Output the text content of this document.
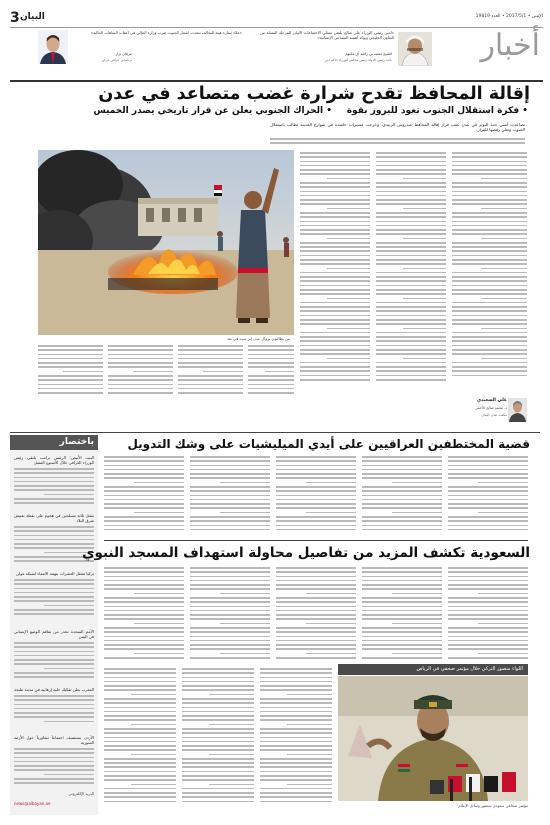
3 البيان	الإثنين • 2017/5/1 • العدد 19819
أخبار
«أمين رئيس الوزراء علي صالح يلتقي ممثلي الاجتماعات الأولى للمرحلة المقبلة من التعاون الخليجي ويؤكد أهمية المساعي الإنسانية»
الشيخ محمد بن راشد آل مكتوم
نائب رئيس الدولة رئيس مجلس الوزراء حاكم دبي
«علاء ستارة هيئة للتحالف تتحدث أشعار الجنوب ضرب وزارة الحالي في أعقاب المتاهات الحالية»
عرفان نزار
برنامجي حرافي عرض
إقالة المحافظ تقدح شرارة غضب متصاعد في عدن
• فكرة استقلال الجنوب تعود للبروز بقوة
• الحراك الجنوبي يعلن عن قرار تاريخي يصدر الخميس
تصاعدت أمس حدة التوتر في عدن عقب قرار إقالة المحافظ عيدروس الزبيدي، وخرجت مسيرات حاشدة في شوارع المدينة تطالب باستقلال الجنوب وتعلن رفضها للقرار.
من يطالبون بزوال عدن إثر عبث في بعد
علي السعيدي
د. محمد صالح الأحمر
مكتب عدن البيان
باختصار
البيت الأبيض: الرئيس ترامب يلتقي رئيس الوزراء العراقي خلال الأسبوع المقبل
مقتل ثلاثة مسلحين في هجوم على نقطة تفتيش شرق البلاد
تركيا تعتقل العشرات بتهمة الانتماء لشبكة غولن
الأمم المتحدة تحذر من تفاقم الوضع الإنساني في اليمن
المغرب يعلن تفكيك خلية إرهابية في مدينة طنجة
الأردن يستضيف اجتماعاً تشاورياً حول الأزمة السورية
البريد الإلكتروني
news@albayan.ae
قضية المختطفين العراقيين على أيدي الميليشيات على وشك التدويل
السعودية تكشف المزيد من تفاصيل محاولة استهداف المسجد النبوي
اللواء منصور التركي خلال مؤتمر صحفي في الرياض
مؤتمر صحافي سعودي بحضور وسائل الإعلام
